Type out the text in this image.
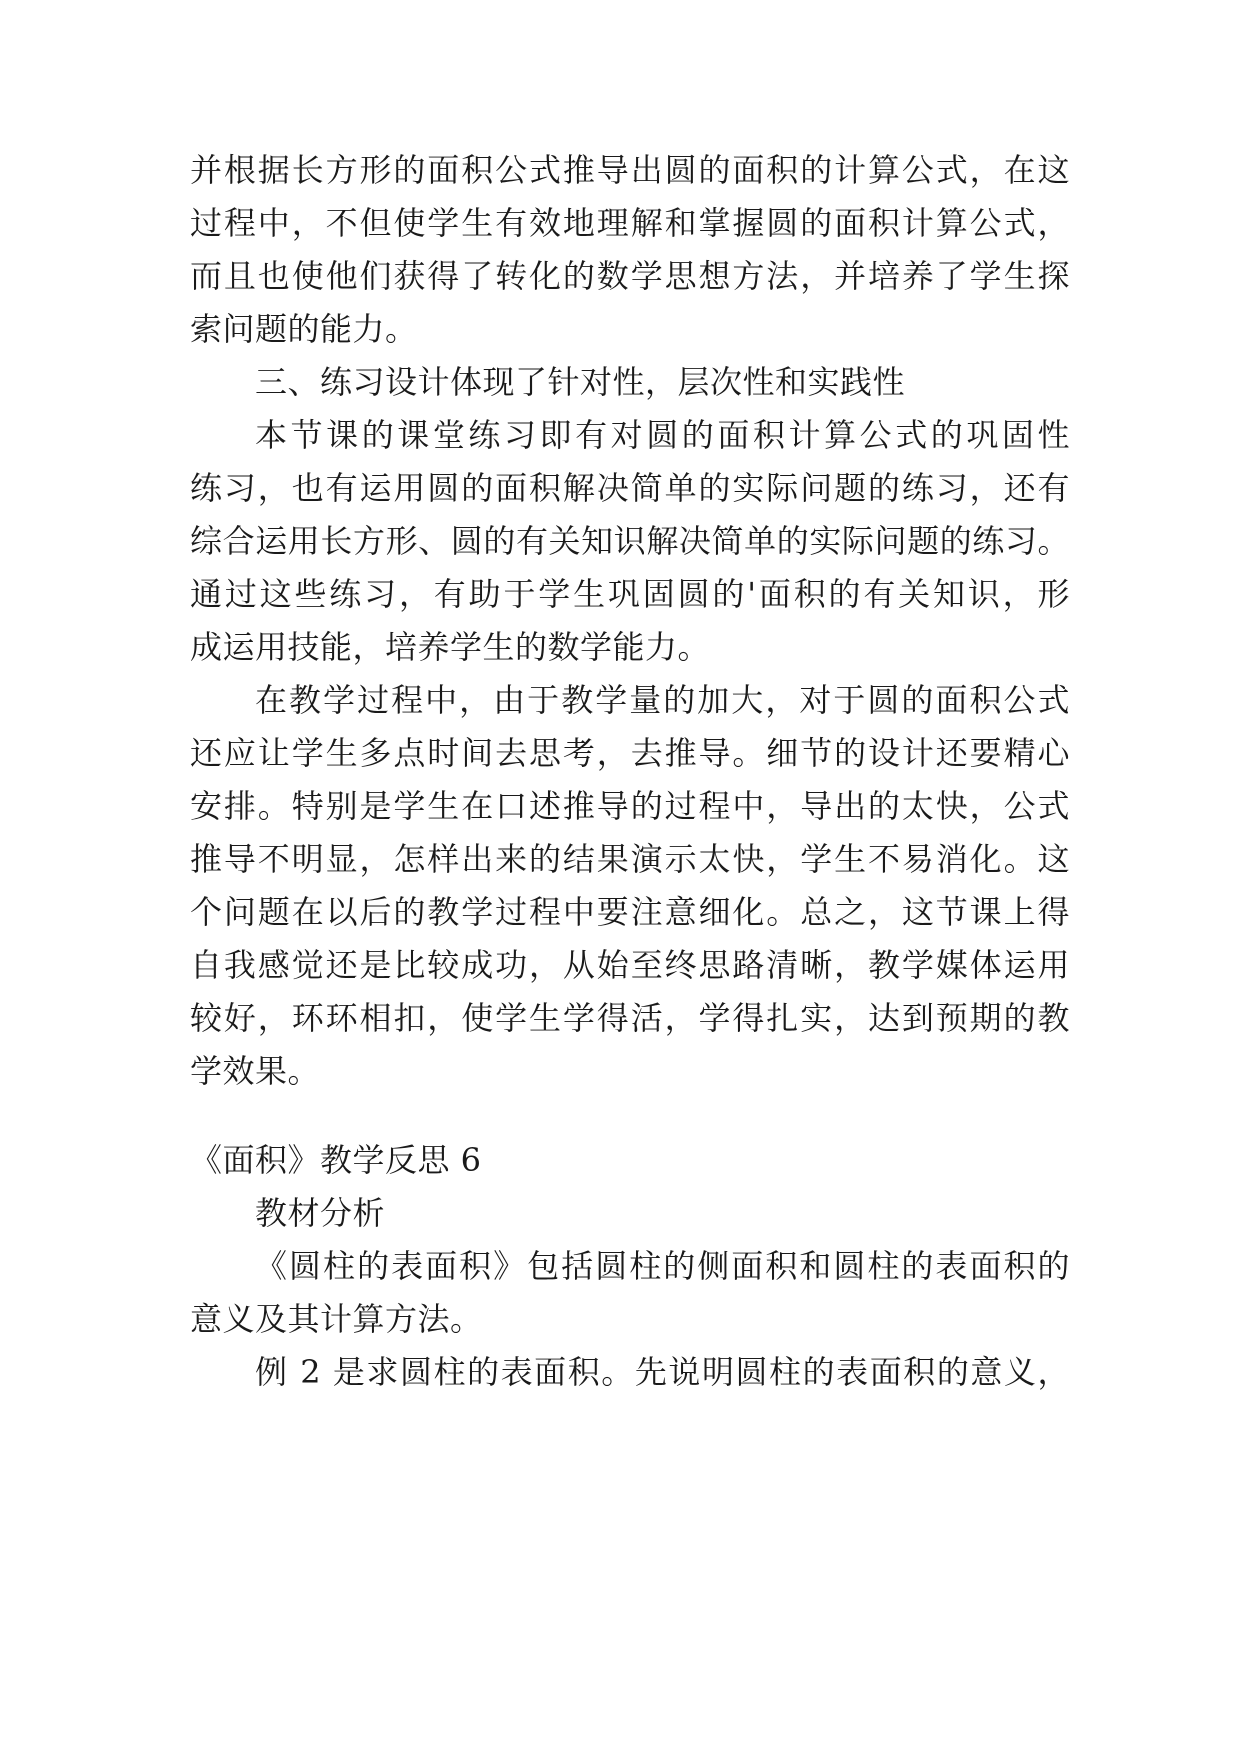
并根据长方形的面积公式推导出圆的面积的计算公式，在这
过程中，不但使学生有效地理解和掌握圆的面积计算公式，
而且也使他们获得了转化的数学思想方法，并培养了学生探
索问题的能力。
三、练习设计体现了针对性，层次性和实践性
本节课的课堂练习即有对圆的面积计算公式的巩固性
练习，也有运用圆的面积解决简单的实际问题的练习，还有
综合运用长方形、圆的有关知识解决简单的实际问题的练习。
通过这些练习，有助于学生巩固圆的'面积的有关知识，形
成运用技能，培养学生的数学能力。
在教学过程中，由于教学量的加大，对于圆的面积公式
还应让学生多点时间去思考，去推导。细节的设计还要精心
安排。特别是学生在口述推导的过程中，导出的太快，公式
推导不明显，怎样出来的结果演示太快，学生不易消化。这
个问题在以后的教学过程中要注意细化。总之，这节课上得
自我感觉还是比较成功，从始至终思路清晰，教学媒体运用
较好，环环相扣，使学生学得活，学得扎实，达到预期的教
学效果。
《面积》教学反思 6
教材分析
《圆柱的表面积》包括圆柱的侧面积和圆柱的表面积的
意义及其计算方法。
例 2 是求圆柱的表面积。先说明圆柱的表面积的意义，
